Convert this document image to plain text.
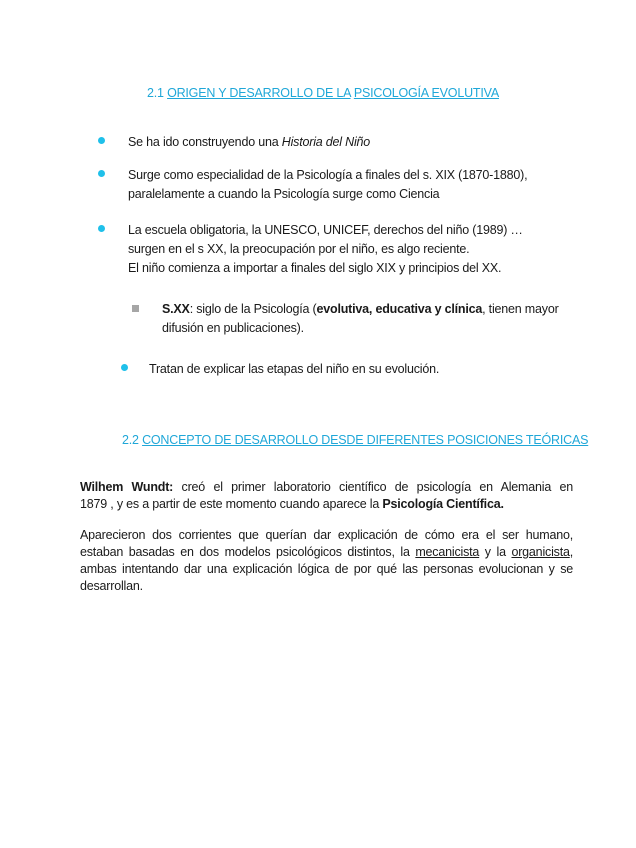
2.1 ORIGEN Y DESARROLLO DE LA PSICOLOGÍA EVOLUTIVA
Se ha ido construyendo una Historia del Niño
Surge como especialidad de la Psicología a finales del s. XIX (1870-1880),
paralelamente a cuando la Psicología surge como Ciencia
La escuela obligatoria, la UNESCO, UNICEF, derechos del niño (1989) …
surgen en el s XX, la preocupación por el niño, es algo reciente.
El niño comienza a importar a finales del siglo XIX y principios del XX.
S.XX: siglo de la Psicología (evolutiva, educativa y clínica, tienen mayor
difusión en publicaciones).
Tratan de explicar las etapas del niño en su evolución.
2.2 CONCEPTO DE DESARROLLO DESDE DIFERENTES POSICIONES TEÓRICAS
Wilhem Wundt: creó el primer laboratorio científico de psicología en Alemania en
1879 , y es a partir de este momento cuando aparece la Psicología Científica.
Aparecieron dos corrientes que querían dar explicación de cómo era el ser humano,
estaban basadas en dos modelos psicológicos distintos, la mecanicista y la organicista,
ambas intentando dar una explicación lógica de por qué las personas evolucionan y se
desarrollan.
